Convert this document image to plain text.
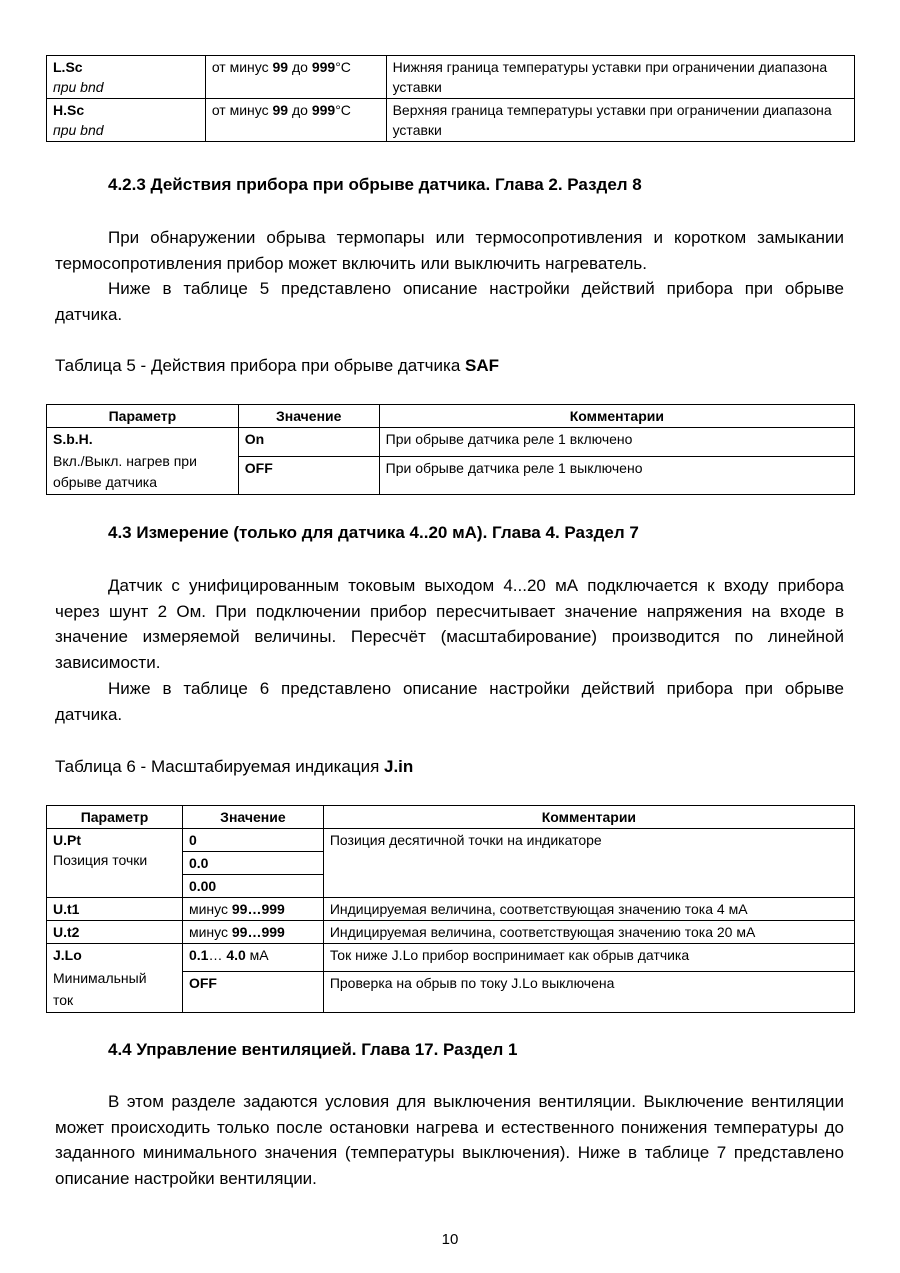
L.Sc
при bnd	от минус 99 до 999°С	Нижняя граница температуры уставки при ограничении диапазона уставки

H.Sc
при bnd	от минус 99 до 999°С	Верхняя граница температуры уставки при ограничении диапазона уставки
4.2.3 Действия прибора при обрыве датчика. Глава 2. Раздел 8

При обнаружении обрыва термопары или термосопротивления и коротком замыкании термосопротивления прибор может включить или выключить нагреватель.

Ниже в таблице 5 представлено описание настройки действий прибора при обрыве датчика.

Таблица 5 - Действия прибора при обрыве датчика SAF
Параметр	Значение	Комментарии

S.b.H.
Вкл./Выкл. нагрев при обрыве датчика	On	При обрыве датчика реле 1 включено
	OFF	При обрыве датчика реле 1 выключено
4.3 Измерение (только для датчика 4..20 мА). Глава 4. Раздел 7

Датчик с унифицированным токовым выходом 4...20 мА подключается к входу прибора через шунт 2 Ом. При подключении прибор пересчитывает значение напряжения на входе в значение измеряемой величины. Пересчёт (масштабирование) производится по линейной зависимости.

Ниже в таблице 6 представлено описание настройки действий прибора при обрыве датчика.

Таблица 6 - Масштабируемая индикация J.in
Параметр	Значение	Комментарии

U.Pt
Позиция точки	0	Позиция десятичной точки на индикаторе
	0.0	
	0.00	
U.t1	минус 99…999	Индицируемая величина, соответствующая значению тока 4 мА
U.t2	минус 99…999	Индицируемая величина, соответствующая значению тока 20 мА

J.Lo
Минимальный ток	0.1… 4.0 мА	Ток ниже J.Lo прибор воспринимает как обрыв датчика
	OFF	Проверка на обрыв по току J.Lo выключена
4.4 Управление вентиляцией. Глава 17. Раздел 1

В этом разделе задаются условия для выключения вентиляции. Выключение вентиляции может происходить только после остановки нагрева и естественного понижения температуры до заданного минимального значения (температуры выключения). Ниже в таблице 7 представлено описание настройки вентиляции.

10
